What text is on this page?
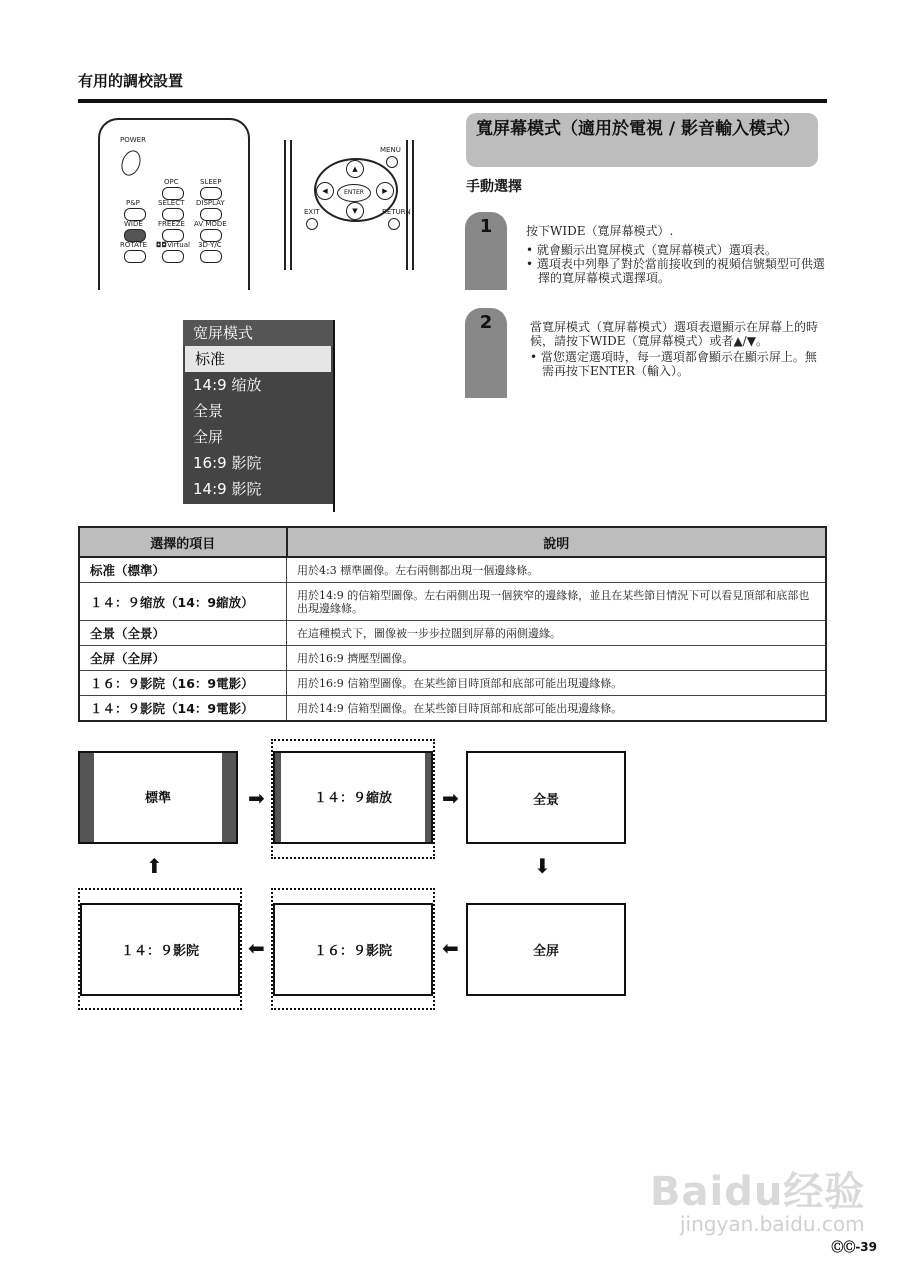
有用的調校設置
POWER
OPC	SLEEP
P&P	SELECT DISPLAY
WIDE FREEZE AV MODE
ROTATE ◘◘Virtual 3D·Y/C
MENU
▲
▼
◀	▶
ENTER
EXIT	RETURN
寬屏幕模式（適用於電視 / 影音輸入模式）
手動選擇
1	按下WIDE（寬屏幕模式）.
• 就會顯示出寬屏模式（寬屏幕模式）選項表。
• 選項表中列舉了對於當前接收到的視頻信號類型可供選擇的寬屏幕模式選擇項。
2	當寬屏模式（寬屏幕模式）選項表還顯示在屏幕上的時候，請按下WIDE（寬屏幕模式）或者▲/▼。
• 當您選定選項時，每一選項都會顯示在顯示屏上。無需再按下ENTER（輸入）。
宽屏模式
标准
14:9 缩放
全景
全屏
16:9 影院
14:9 影院
選擇的項目	說明
标准（標準）	用於4:3 標準圖像。左右兩側都出現一個邊緣條。
１４：９缩放（14：9縮放）	用於14:9 的信箱型圖像。左右兩側出現一個狹窄的邊緣條，並且在某些節目情況下可以看見頂部和底部也出現邊緣條。
全景（全景）	在這種模式下，圖像被一步步拉闊到屏幕的兩側邊緣。
全屏（全屏）	用於16:9 擠壓型圖像。
１６：９影院（16：9電影）	用於16:9 信箱型圖像。在某些節目時頂部和底部可能出現邊緣條。
１４：９影院（14：9電影）	用於14:9 信箱型圖像。在某些節目時頂部和底部可能出現邊緣條。
標準	➡	１４：９縮放	➡	全景
⬆	⬇
１４：９影院	⬅	１６：９影院	⬅	全屏
Baidu经验
jingyan.baidu.com
ⒸⒸ-39
